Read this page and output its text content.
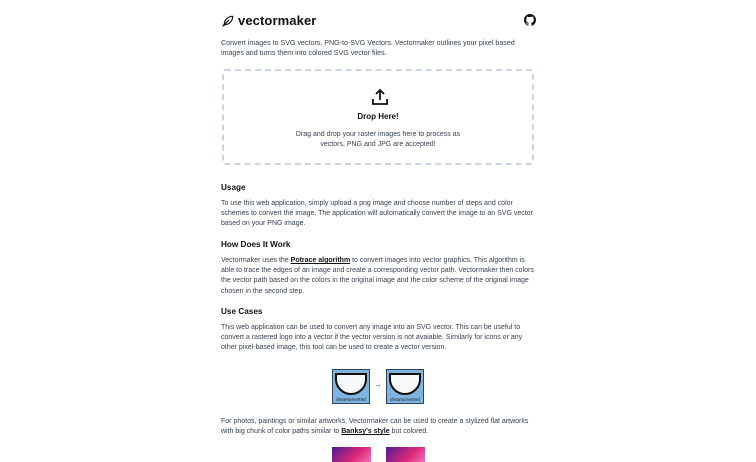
vectormaker
Convert images to SVG vectors, PNG-to-SVG Vectors. Vectormaker outlines your pixel based images and turns them into colored SVG vector files.
Drop Here!
Drag and drop your raster images here to process as vectors, PNG and JPG are accepted!
Usage
To use this web application, simply upload a png image and choose number of steps and color schemes to convert the image. The application will automatically convert the image to an SVG vector based on your PNG image.
How Does It Work
Vectormaker uses the Potrace algorithm to convert images into vector graphics. This algorithm is able to trace the edges of an image and create a corresponding vector path. Vectormaker then colors the vector path based on the colors in the original image and the color scheme of the original image chosen in the second step.
Use Cases
This web application can be used to convert any image into an SVG vector. This can be useful to convert a rastered logo into a vector if the vector version is not avaiable. Similarly for icons or any other pixel-based image, this tool can be used to create a vector version.
dreamoriented
→
dreamoriented
For photos, paintings or similar artworks, Vectormaker can be used to create a stylized flat artworks with big chunk of color paths similar to Banksy's style but colored.
